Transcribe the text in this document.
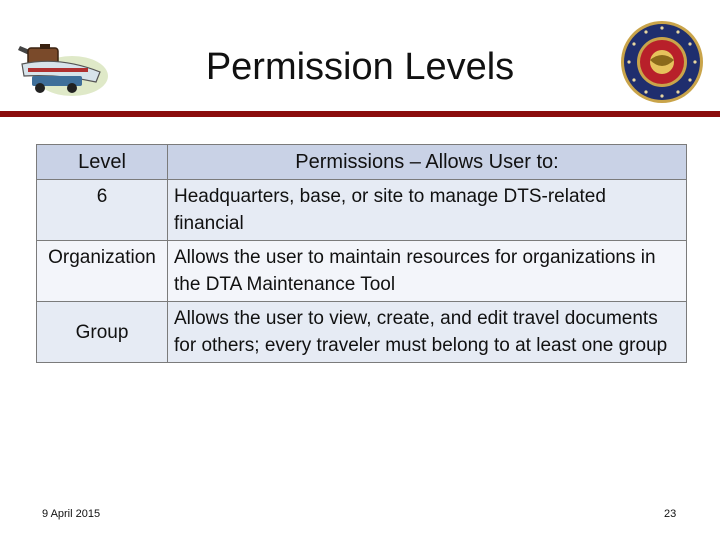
Permission Levels
Level	Permissions – Allows User to:
6	Headquarters, base, or site to manage DTS-related financial
Organization	Allows the user to maintain resources for organizations in the DTA Maintenance Tool
Group	Allows the user to view, create, and edit travel documents for others; every traveler must belong to at least one group
9 April 2015	23
